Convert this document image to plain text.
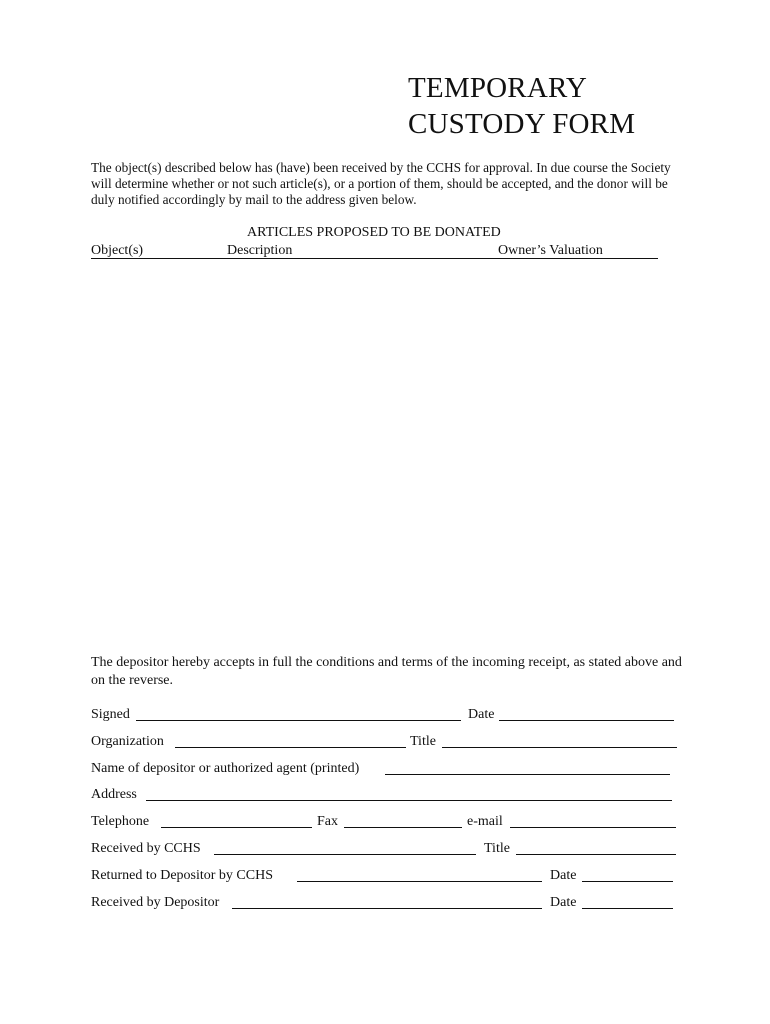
TEMPORARY
CUSTODY FORM
The object(s) described below has (have) been received by the CCHS for approval. In due course the Society will determine whether or not such article(s), or a portion of them, should be accepted, and the donor will be duly notified accordingly by mail to the address given below.
ARTICLES PROPOSED TO BE DONATED
Object(s)	Description	Owner’s Valuation
The depositor hereby accepts in full the conditions and terms of the incoming receipt, as stated above and on the reverse.
Signed	Date
Organization	Title
Name of depositor or authorized agent (printed)
Address
Telephone	Fax	e-mail
Received by CCHS	Title
Returned to Depositor by CCHS	Date
Received by Depositor	Date
